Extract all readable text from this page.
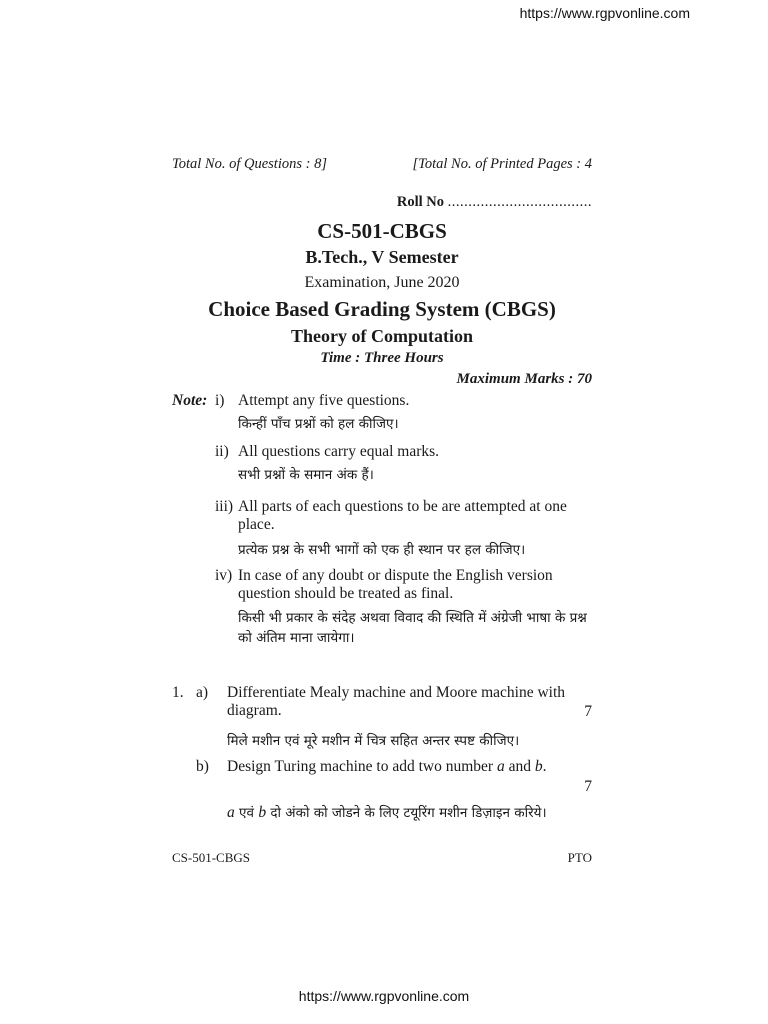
https://www.rgpvonline.com
Total No. of Questions : 8]	[Total No. of Printed Pages : 4
Roll No ...................................
CS-501-CBGS
B.Tech., V Semester
Examination, June 2020
Choice Based Grading System (CBGS)
Theory of Computation
Time : Three Hours
Maximum Marks : 70
Note: i) Attempt any five questions.
किन्हीं पाँच प्रश्नों को हल कीजिए।
ii) All questions carry equal marks.
सभी प्रश्नों के समान अंक हैं।
iii) All parts of each questions to be are attempted at one place.
प्रत्येक प्रश्न के सभी भागों को एक ही स्थान पर हल कीजिए।
iv) In case of any doubt or dispute the English version question should be treated as final.
किसी भी प्रकार के संदेह अथवा विवाद की स्थिति में अंग्रेजी भाषा के प्रश्न को अंतिम माना जायेगा।
1. a) Differentiate Mealy machine and Moore machine with diagram.	7
मिले मशीन एवं मूरे मशीन में चित्र सहित अन्तर स्पष्ट कीजिए।
b) Design Turing machine to add two number a and b.
7
a एवं b दो अंको को जोडने के लिए टयूरिंग मशीन डिज़ाइन करिये।
CS-501-CBGS	PTO
https://www.rgpvonline.com
